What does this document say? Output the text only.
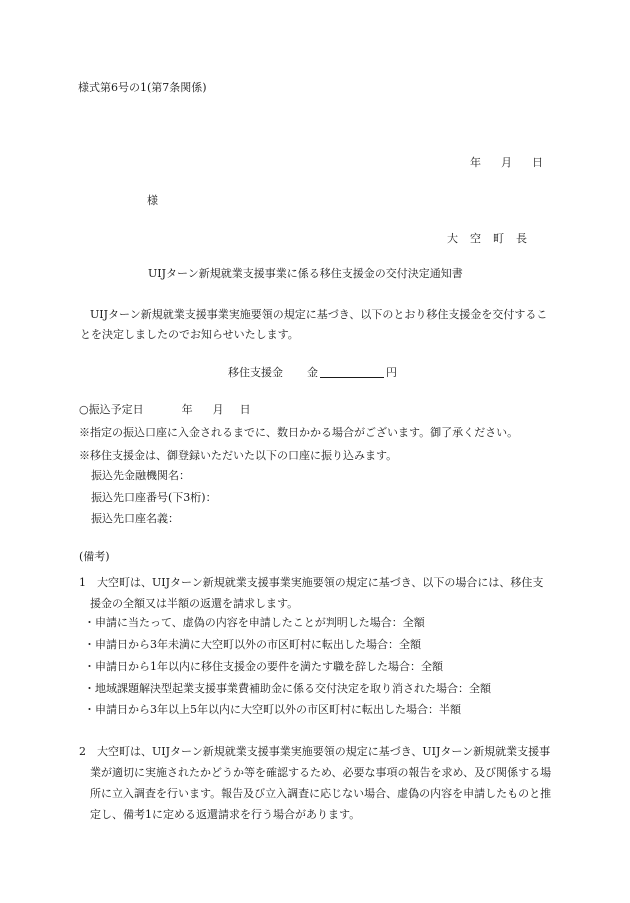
様式第6号の1(第7条関係)
年 月 日
様
大空町長
UIJターン新規就業支援事業に係る移住支援金の交付決定通知書
UIJターン新規就業支援事業実施要領の規定に基づき、以下のとおり移住支援金を交付することを決定しましたのでお知らせいたします。
移住支援金 金	円
○振込予定日	年 月 日
※指定の振込口座に入金されるまでに、数日かかる場合がございます。御了承ください。
※移住支援金は、御登録いただいた以下の口座に振り込みます。
振込先金融機関名：
振込先口座番号(下3桁)：
振込先口座名義：
(備考)
1　大空町は、UIJターン新規就業支援事業実施要領の規定に基づき、以下の場合には、移住支援金の全額又は半額の返還を請求します。
・申請に当たって、虚偽の内容を申請したことが判明した場合：全額
・申請日から3年未満に大空町以外の市区町村に転出した場合：全額
・申請日から1年以内に移住支援金の要件を満たす職を辞した場合：全額
・地域課題解決型起業支援事業費補助金に係る交付決定を取り消された場合：全額
・申請日から3年以上5年以内に大空町以外の市区町村に転出した場合：半額
2　大空町は、UIJターン新規就業支援事業実施要領の規定に基づき、UIJターン新規就業支援事業が適切に実施されたかどうか等を確認するため、必要な事項の報告を求め、及び関係する場所に立入調査を行います。報告及び立入調査に応じない場合、虚偽の内容を申請したものと推定し、備考1に定める返還請求を行う場合があります。
